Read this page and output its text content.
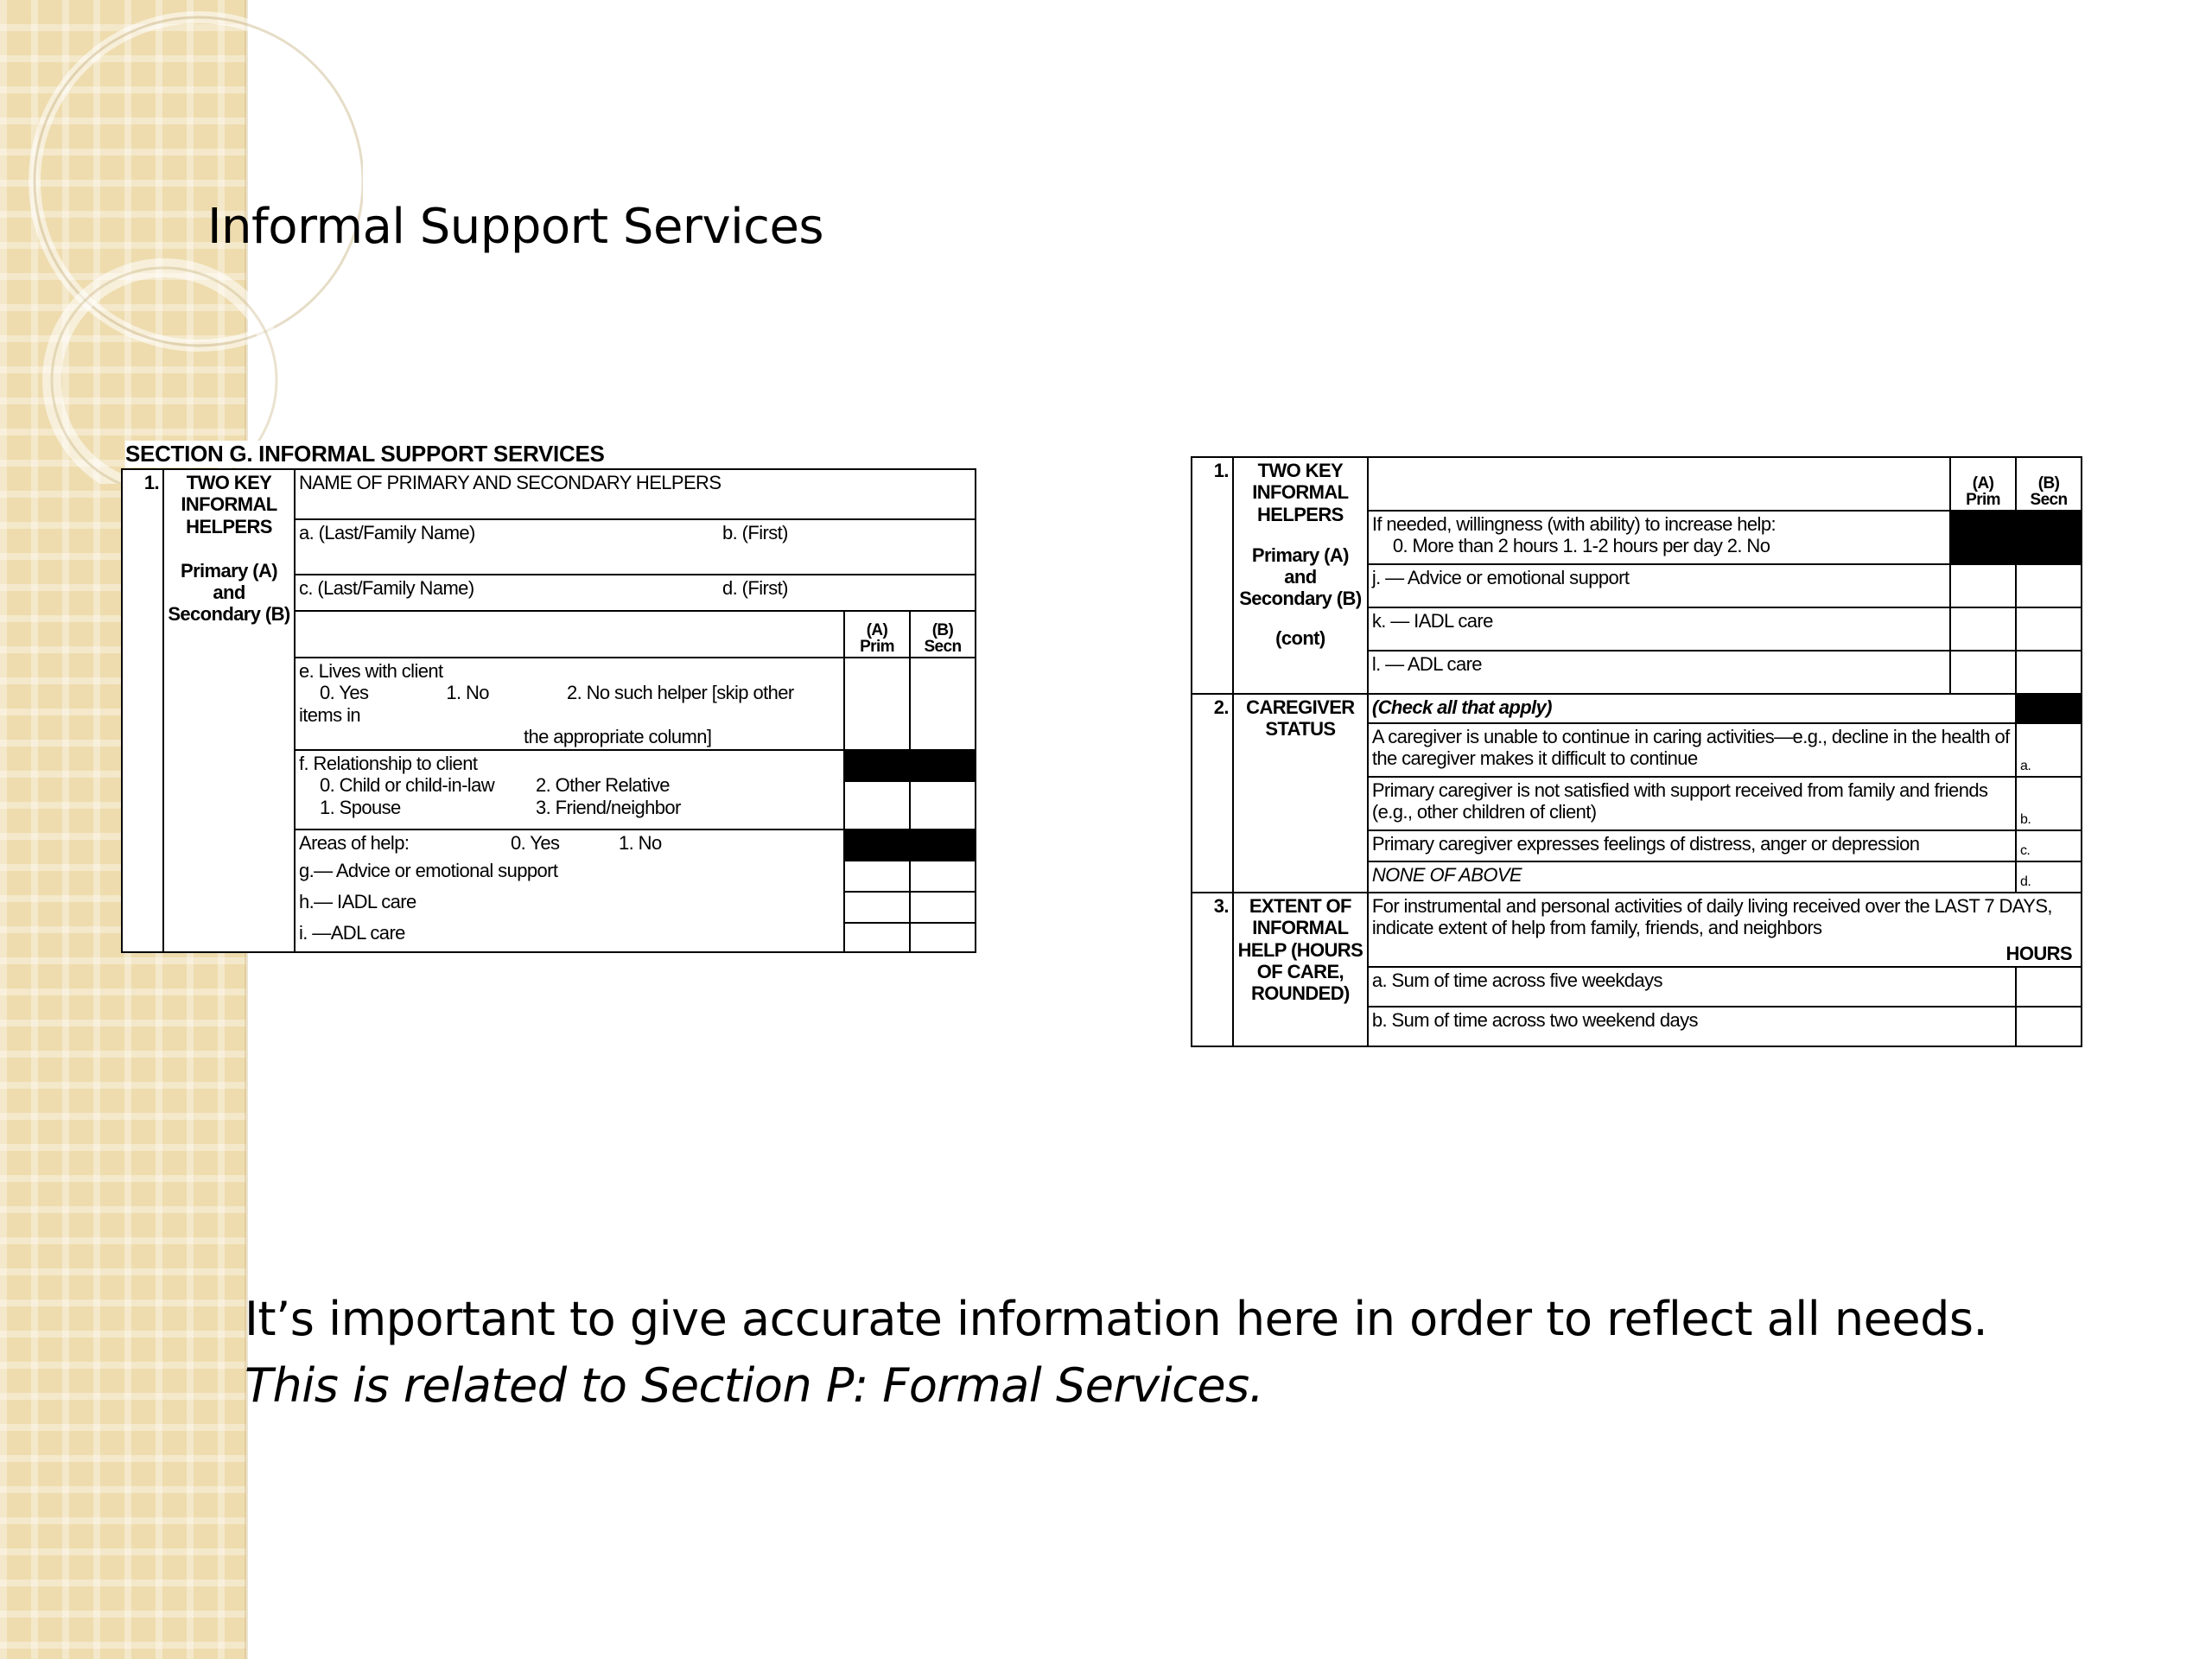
Informal Support Services
SECTION G. INFORMAL SUPPORT SERVICES
1.	TWO KEY INFORMAL HELPERS
Primary (A) and Secondary (B)	NAME OF PRIMARY AND SECONDARY HELPERS		
		a. (Last/Family Name) b. (First)		
		c. (Last/Family Name) d. (First)		
			(A) Prim	(B) Secn
		e. Lives with client
0. Yes 1. No 2. No such helper [skip other items in

the appropriate column]		

		f. Relationship to client
0. Child or child-in-law 2. Other Relative
1. Spouse 3. Friend/neighbor		

		Areas of help: 0. Yes 1. No
g.— Advice or emotional support
h.— IADL care
i. —ADL care		

1.	TWO KEY INFORMAL HELPERS
Primary (A) and Secondary (B)
(cont)		(A) Prim	(B) Secn
		If needed, willingness (with ability) to increase help:

0. More than 2 hours 1. 1-2 hours per day 2. No		

		j. — Advice or emotional support		
		k. — IADL care		
		l. — ADL care		
2.	CAREGIVER STATUS	(Check all that apply)		
		A caregiver is unable to continue in caring activities—e.g., decline in the health of the caregiver makes it difficult to continue		a.
		Primary caregiver is not satisfied with support received from family and friends (e.g., other children of client)		b.
		Primary caregiver expresses feelings of distress, anger or depression		c.
		NONE OF ABOVE		d.
3.	EXTENT OF INFORMAL HELP (HOURS OF CARE, ROUNDED)	For instrumental and personal activities of daily living received over the LAST 7 DAYS, indicate extent of help from family, friends, and neighbors
HOURS		

		a. Sum of time across five weekdays		
		b. Sum of time across two weekend days		
It’s important to give accurate information here in order to reflect all needs.
This is related to Section P: Formal Services.
